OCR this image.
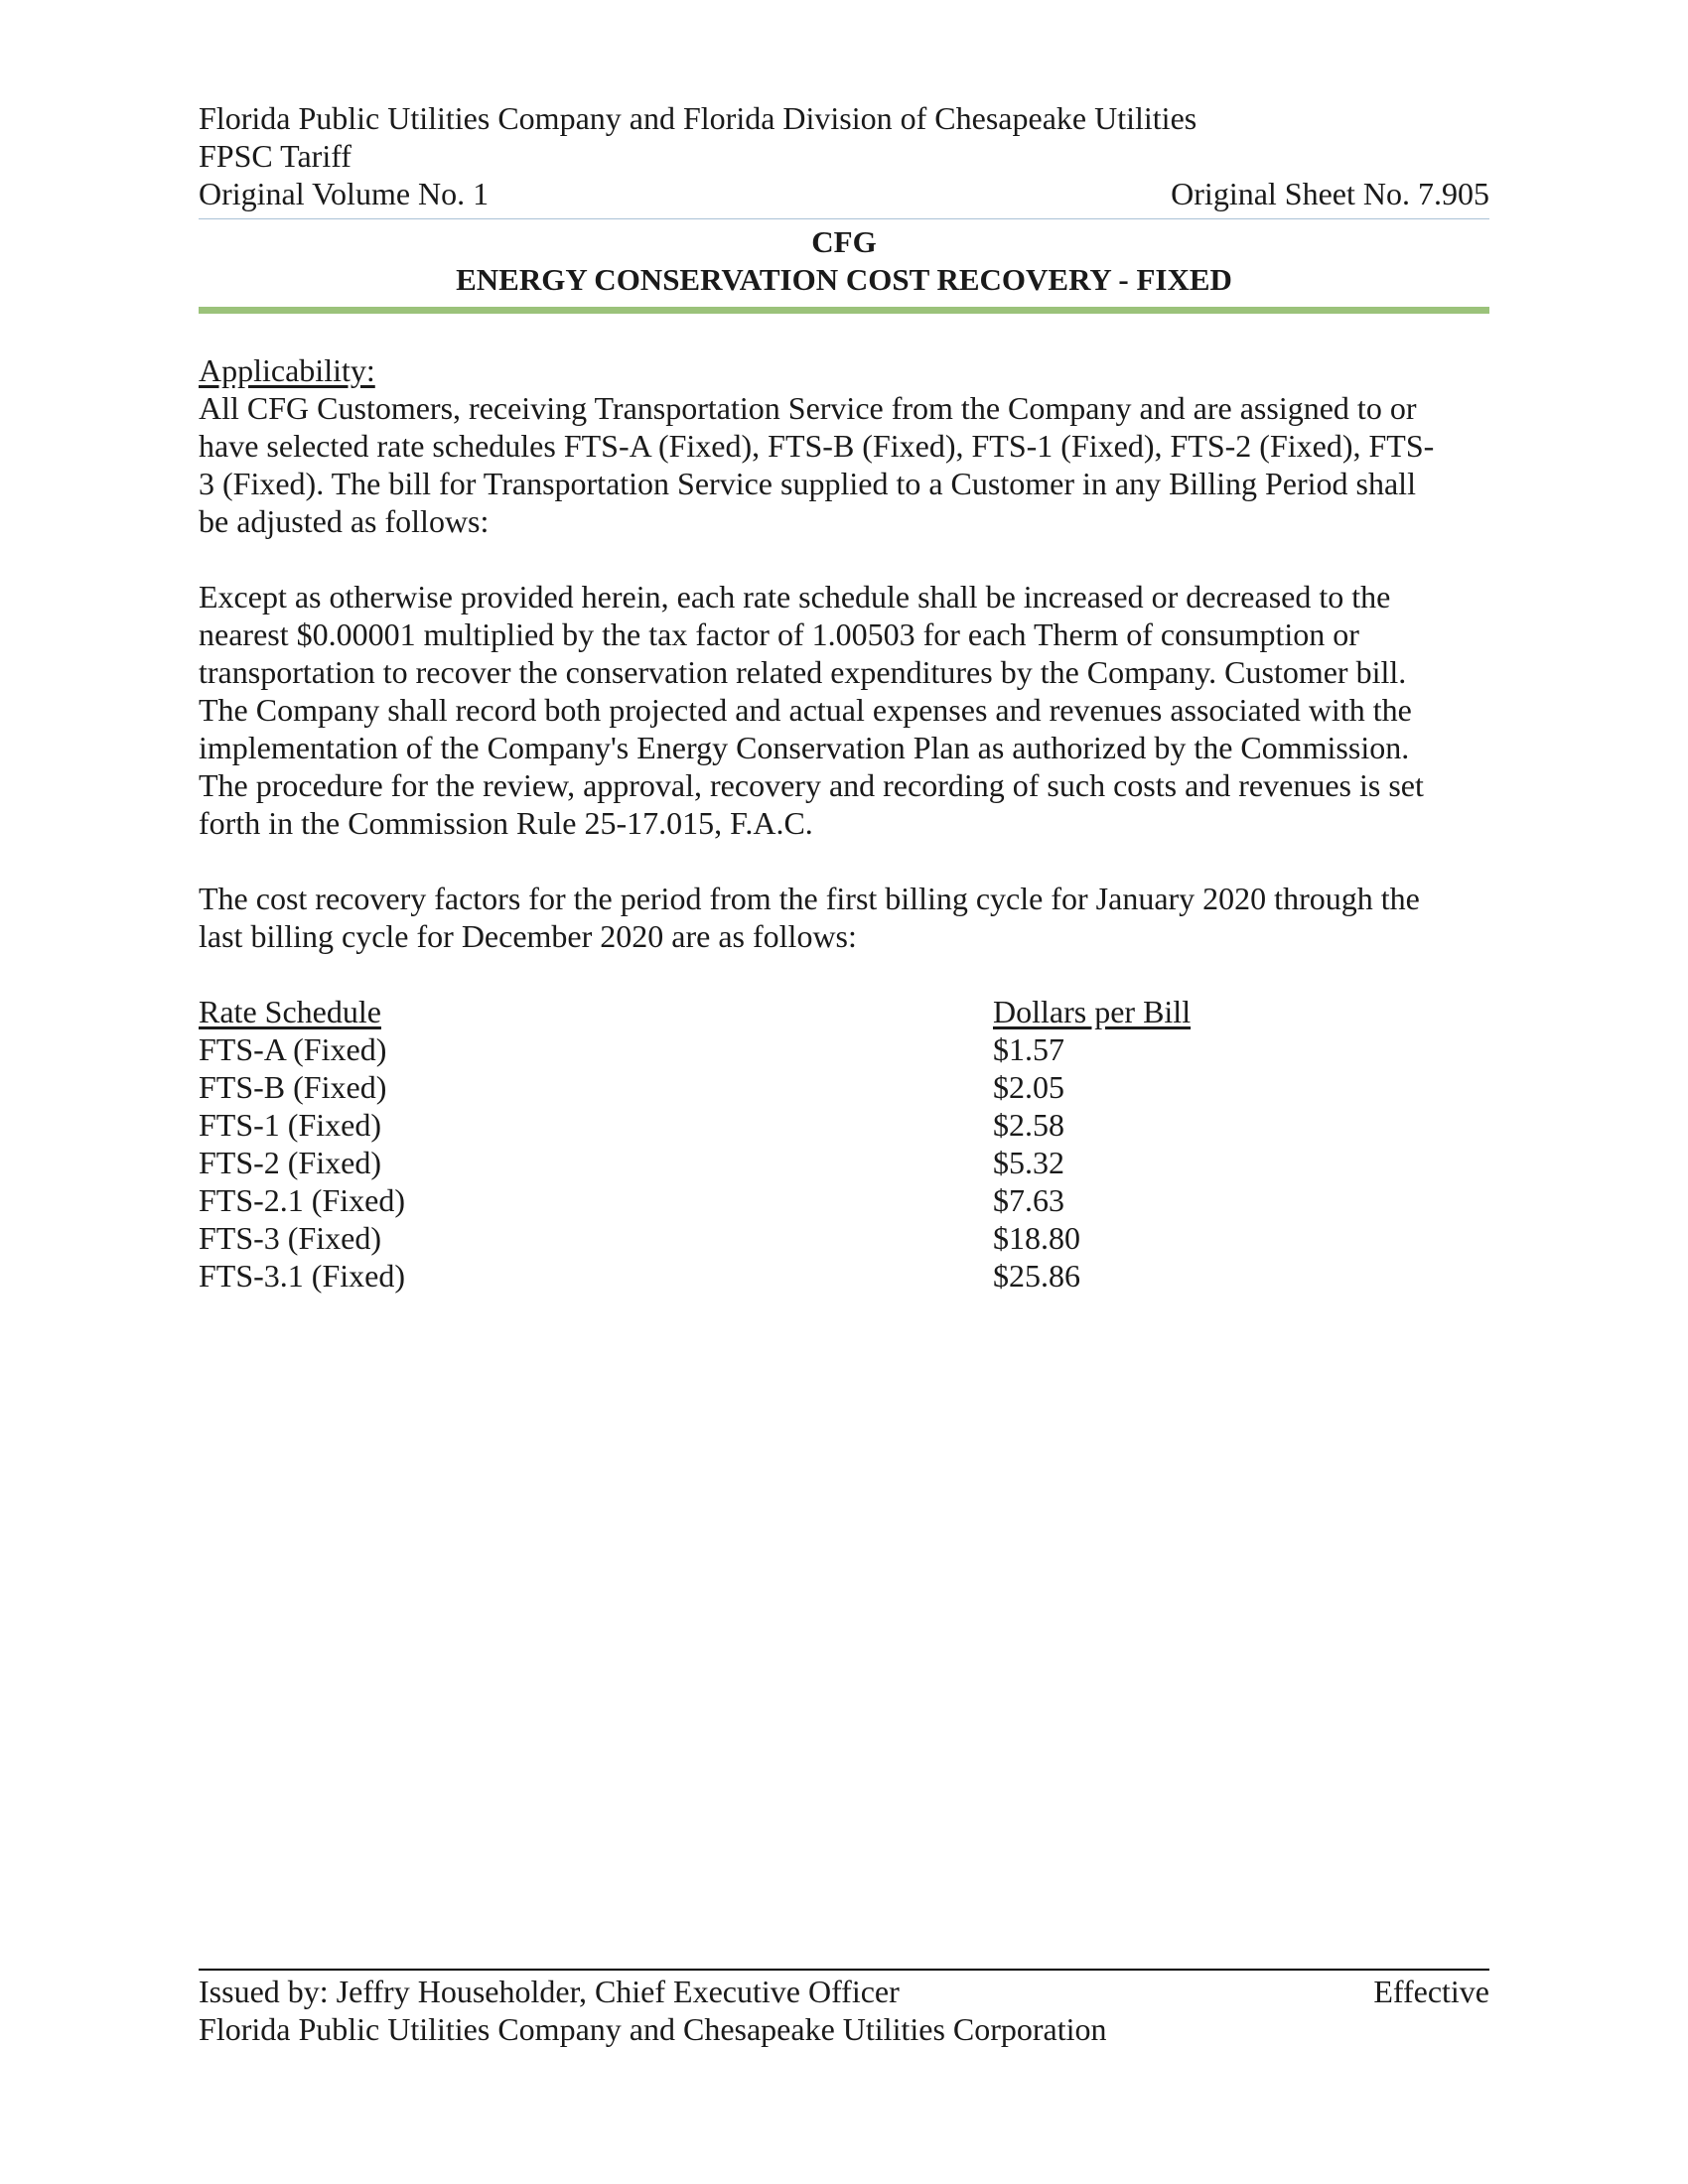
Florida Public Utilities Company and Florida Division of Chesapeake Utilities
FPSC Tariff
Original Volume No. 1	Original Sheet No. 7.905
CFG
ENERGY CONSERVATION COST RECOVERY - FIXED
Applicability:

All CFG Customers, receiving Transportation Service from the Company and are assigned to or

have selected rate schedules FTS-A (Fixed), FTS-B (Fixed), FTS-1 (Fixed), FTS-2 (Fixed), FTS-

3 (Fixed). The bill for Transportation Service supplied to a Customer in any Billing Period shall

be adjusted as follows:

Except as otherwise provided herein, each rate schedule shall be increased or decreased to the

nearest $0.00001 multiplied by the tax factor of 1.00503 for each Therm of consumption or

transportation to recover the conservation related expenditures by the Company. Customer bill.

The Company shall record both projected and actual expenses and revenues associated with the

implementation of the Company's Energy Conservation Plan as authorized by the Commission.

The procedure for the review, approval, recovery and recording of such costs and revenues is set

forth in the Commission Rule 25-17.015, F.A.C.

The cost recovery factors for the period from the first billing cycle for January 2020 through the

last billing cycle for December 2020 are as follows:

Rate Schedule	Dollars per Bill
FTS-A (Fixed)	$1.57
FTS-B (Fixed)	$2.05
FTS-1 (Fixed)	$2.58
FTS-2 (Fixed)	$5.32
FTS-2.1 (Fixed)	$7.63
FTS-3 (Fixed)	$18.80
FTS-3.1 (Fixed)	$25.86
Issued by: Jeffry Householder, Chief Executive Officer	Effective
Florida Public Utilities Company and Chesapeake Utilities Corporation
